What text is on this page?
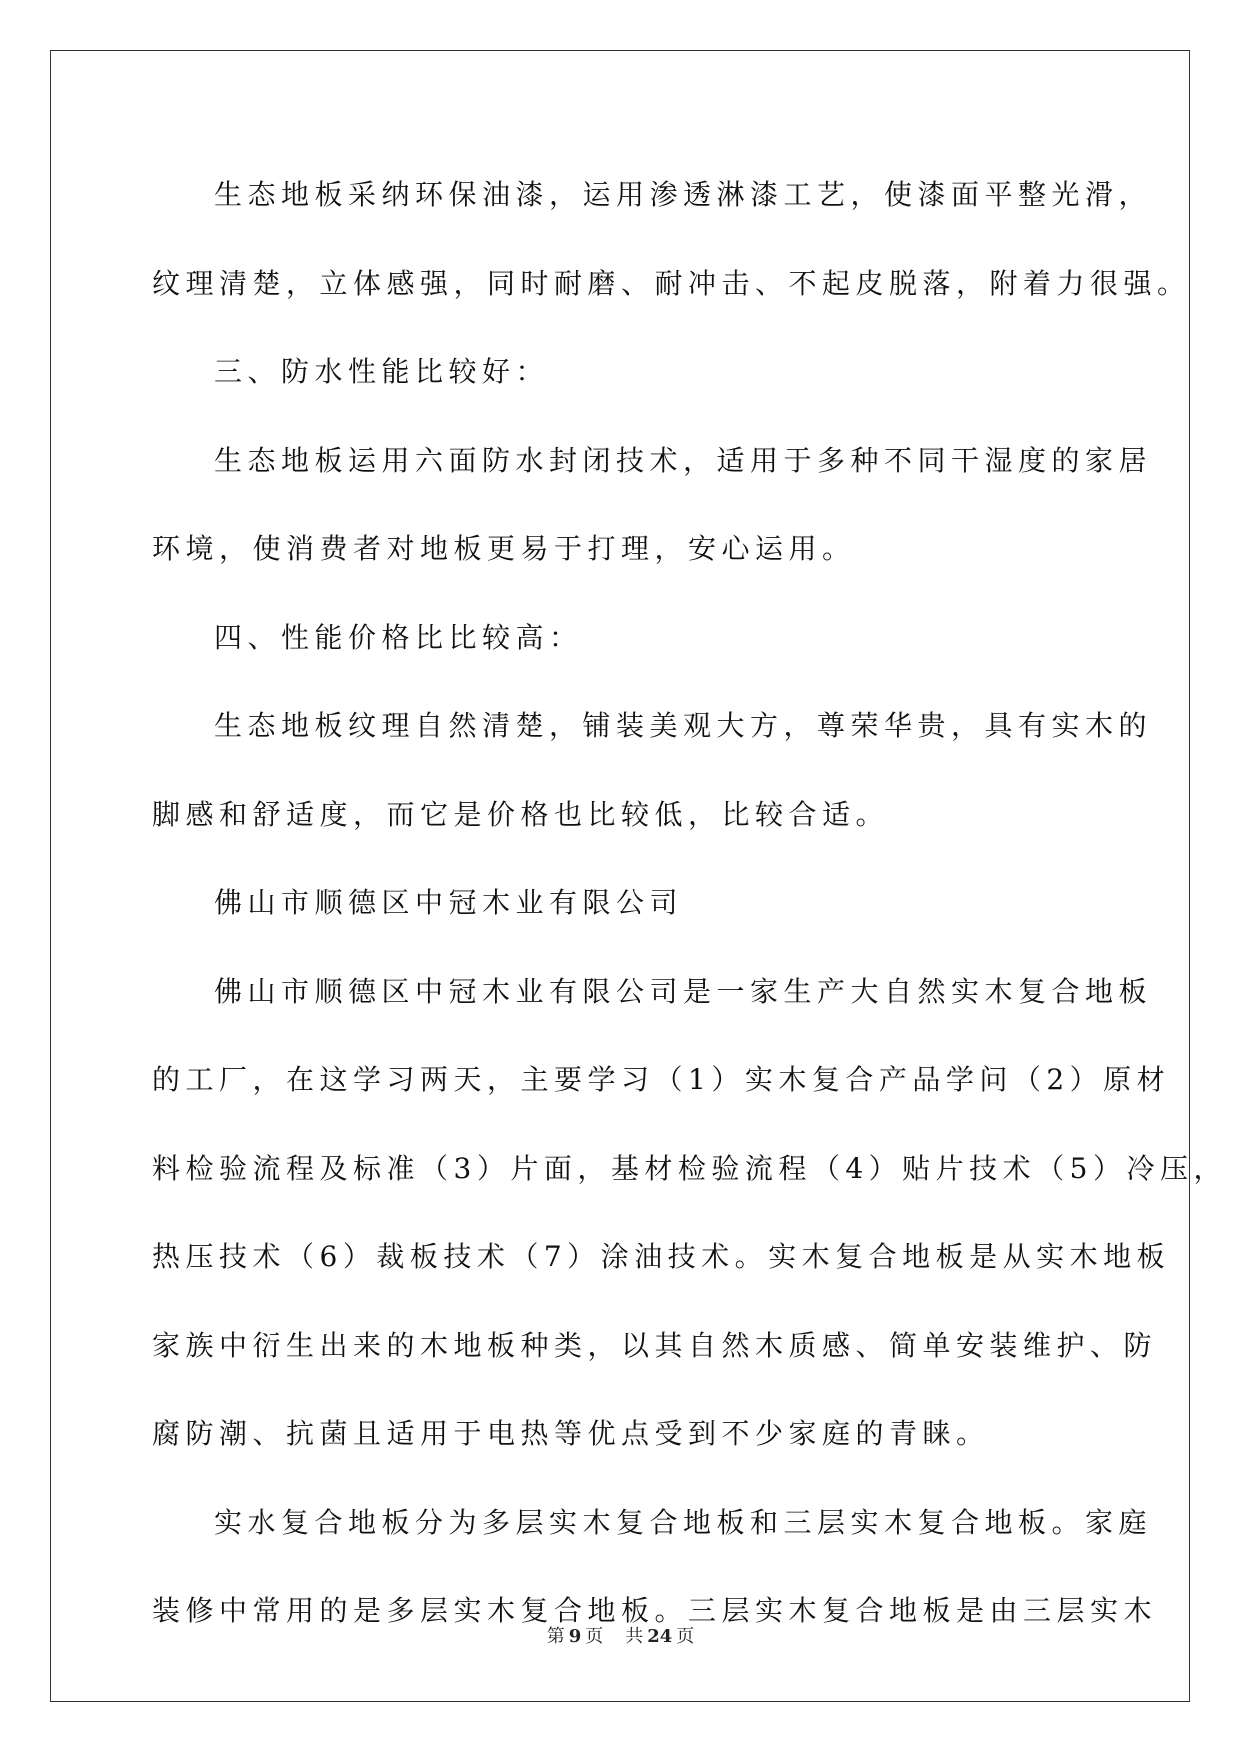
生态地板采纳环保油漆，运用渗透淋漆工艺，使漆面平整光滑，
纹理清楚，立体感强，同时耐磨、耐冲击、不起皮脱落，附着力很强。
三、防水性能比较好：
生态地板运用六面防水封闭技术，适用于多种不同干湿度的家居
环境，使消费者对地板更易于打理，安心运用。
四、性能价格比比较高：
生态地板纹理自然清楚，铺装美观大方，尊荣华贵，具有实木的
脚感和舒适度，而它是价格也比较低，比较合适。
佛山市顺德区中冠木业有限公司
佛山市顺德区中冠木业有限公司是一家生产大自然实木复合地板
的工厂，在这学习两天，主要学习（1）实木复合产品学问（2）原材
料检验流程及标准（3）片面，基材检验流程（4）贴片技术（5）冷压，
热压技术（6）裁板技术（7）涂油技术。实木复合地板是从实木地板
家族中衍生出来的木地板种类，以其自然木质感、简单安装维护、防
腐防潮、抗菌且适用于电热等优点受到不少家庭的青睐。
实水复合地板分为多层实木复合地板和三层实木复合地板。家庭
装修中常用的是多层实木复合地板。三层实木复合地板是由三层实木
第 9 页 共 24 页
